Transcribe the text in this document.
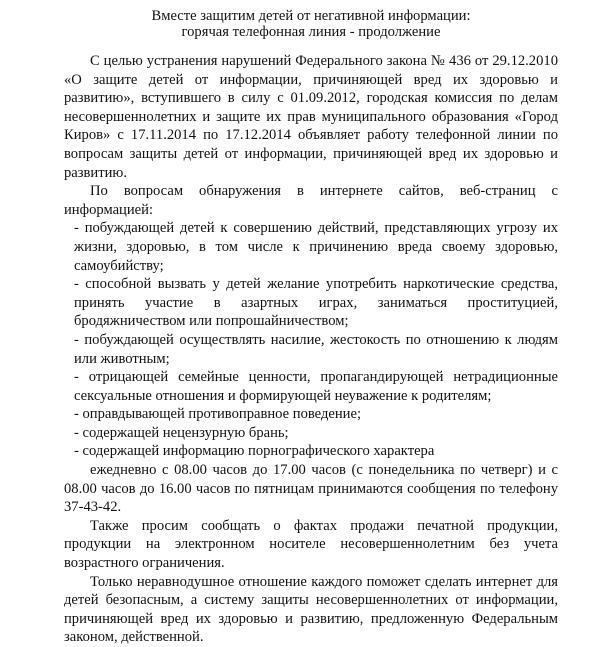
Вместе защитим детей от негативной информации:
горячая телефонная линия - продолжение

С целью устранения нарушений Федерального закона № 436 от 29.12.2010 «О защите детей от информации, причиняющей вред их здоровью и развитию», вступившего в силу с 01.09.2012, городская комиссия по делам несовершеннолетних и защите их прав муниципального образования «Город Киров» с 17.11.2014 по 17.12.2014 объявляет работу телефонной линии по вопросам защиты детей от информации, причиняющей вред их здоровью и развитию.

По вопросам обнаружения в интернете сайтов, веб-страниц с информацией:

- побуждающей детей к совершению действий, представляющих угрозу их жизни, здоровью, в том числе к причинению вреда своему здоровью, самоубийству;

- способной вызвать у детей желание употребить наркотические средства, принять участие в азартных играх, заниматься проституцией, бродяжничеством или попрошайничеством;

- побуждающей осуществлять насилие, жестокость по отношению к людям или животным;

- отрицающей семейные ценности, пропагандирующей нетрадиционные сексуальные отношения и формирующей неуважение к родителям;

- оправдывающей противоправное поведение;

- содержащей нецензурную брань;

- содержащей информацию порнографического характера

ежедневно с 08.00 часов до 17.00 часов (с понедельника по четверг) и с 08.00 часов до 16.00 часов по пятницам принимаются сообщения по телефону 37-43-42.

Также просим сообщать о фактах продажи печатной продукции, продукции на электронном носителе несовершеннолетним без учета возрастного ограничения.

Только неравнодушное отношение каждого поможет сделать интернет для детей безопасным, а систему защиты несовершеннолетних от информации, причиняющей вред их здоровью и развитию, предложенную Федеральным законом, действенной.
